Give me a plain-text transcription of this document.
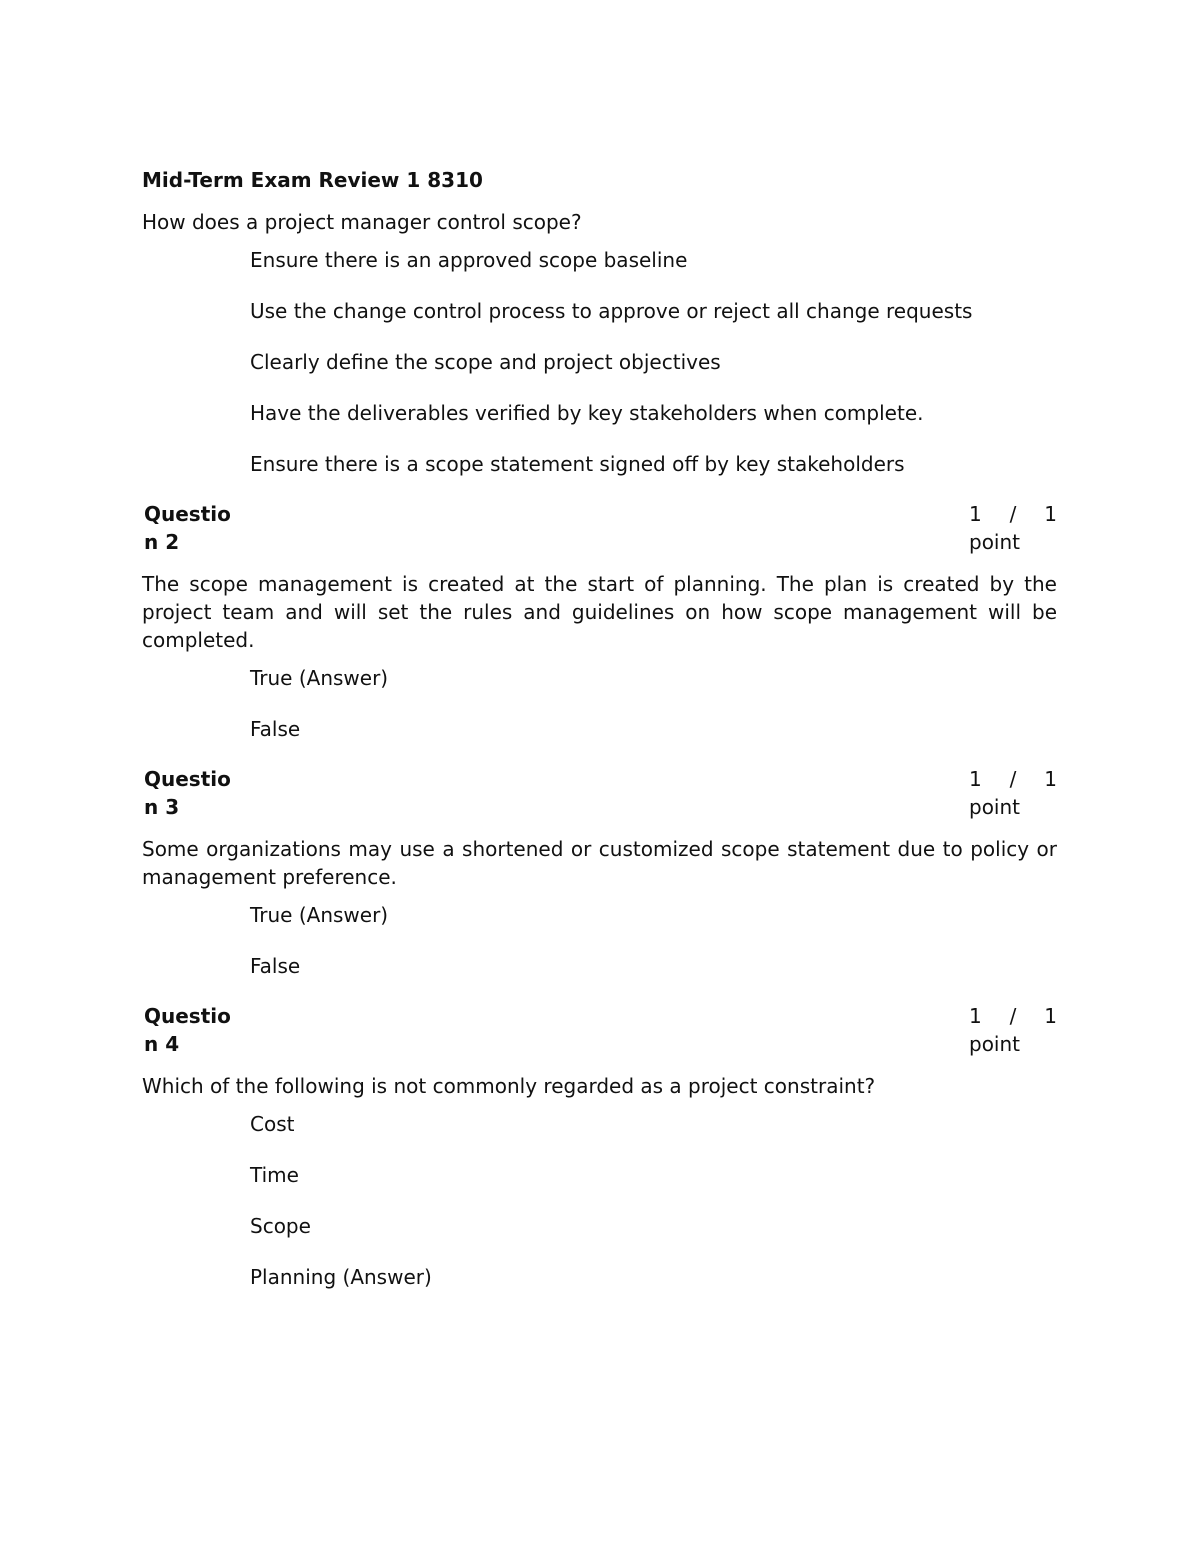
Mid-Term Exam Review 1 8310

How does a project manager control scope?

Ensure there is an approved scope baseline

Use the change control process to approve or reject all change requests

Clearly define the scope and project objectives

Have the deliverables verified by key stakeholders when complete.

Ensure there is a scope statement signed off by key stakeholders

Question 2
1 / 1
point

The scope management is created at the start of planning. The plan is created by the project team and will set the rules and guidelines on how scope management will be completed.

True (Answer)

False

Question 3
1 / 1
point

Some organizations may use a shortened or customized scope statement due to policy or management preference.

True (Answer)

False

Question 4
1 / 1
point

Which of the following is not commonly regarded as a project constraint?

Cost

Time

Scope

Planning (Answer)
